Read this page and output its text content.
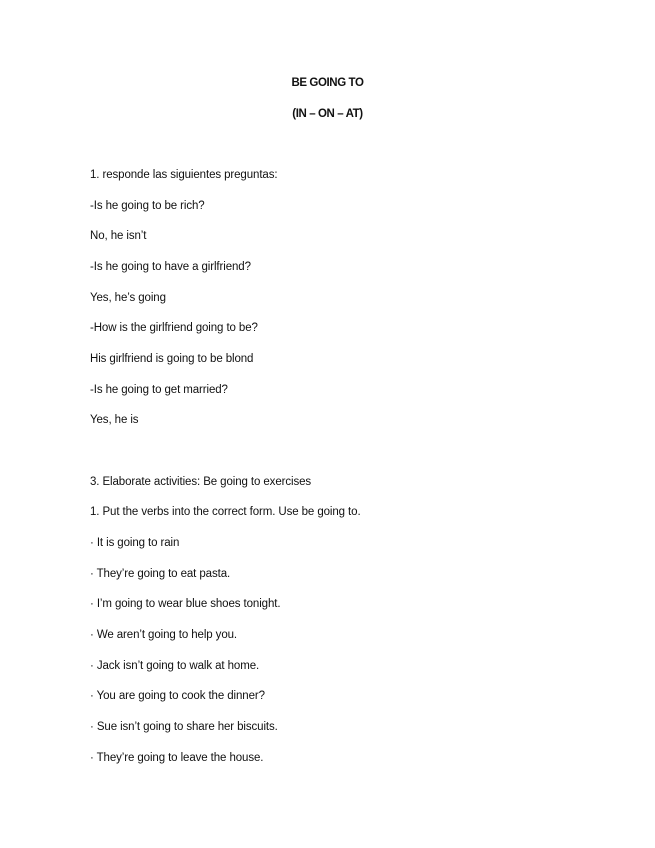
BE GOING TO
(IN – ON – AT)
1. responde las siguientes preguntas:
-Is he going to be rich?
No, he isn’t
-Is he going to have a girlfriend?
Yes, he’s going
-How is the girlfriend going to be?
His girlfriend is going to be blond
-Is he going to get married?
Yes, he is
3. Elaborate activities: Be going to exercises
1. Put the verbs into the correct form. Use be going to.
· It is going to rain
· They’re going to eat pasta.
· I’m going to wear blue shoes tonight.
· We aren’t going to help you.
· Jack isn’t going to walk at home.
· You are going to cook the dinner?
· Sue isn’t going to share her biscuits.
· They’re going to leave the house.
